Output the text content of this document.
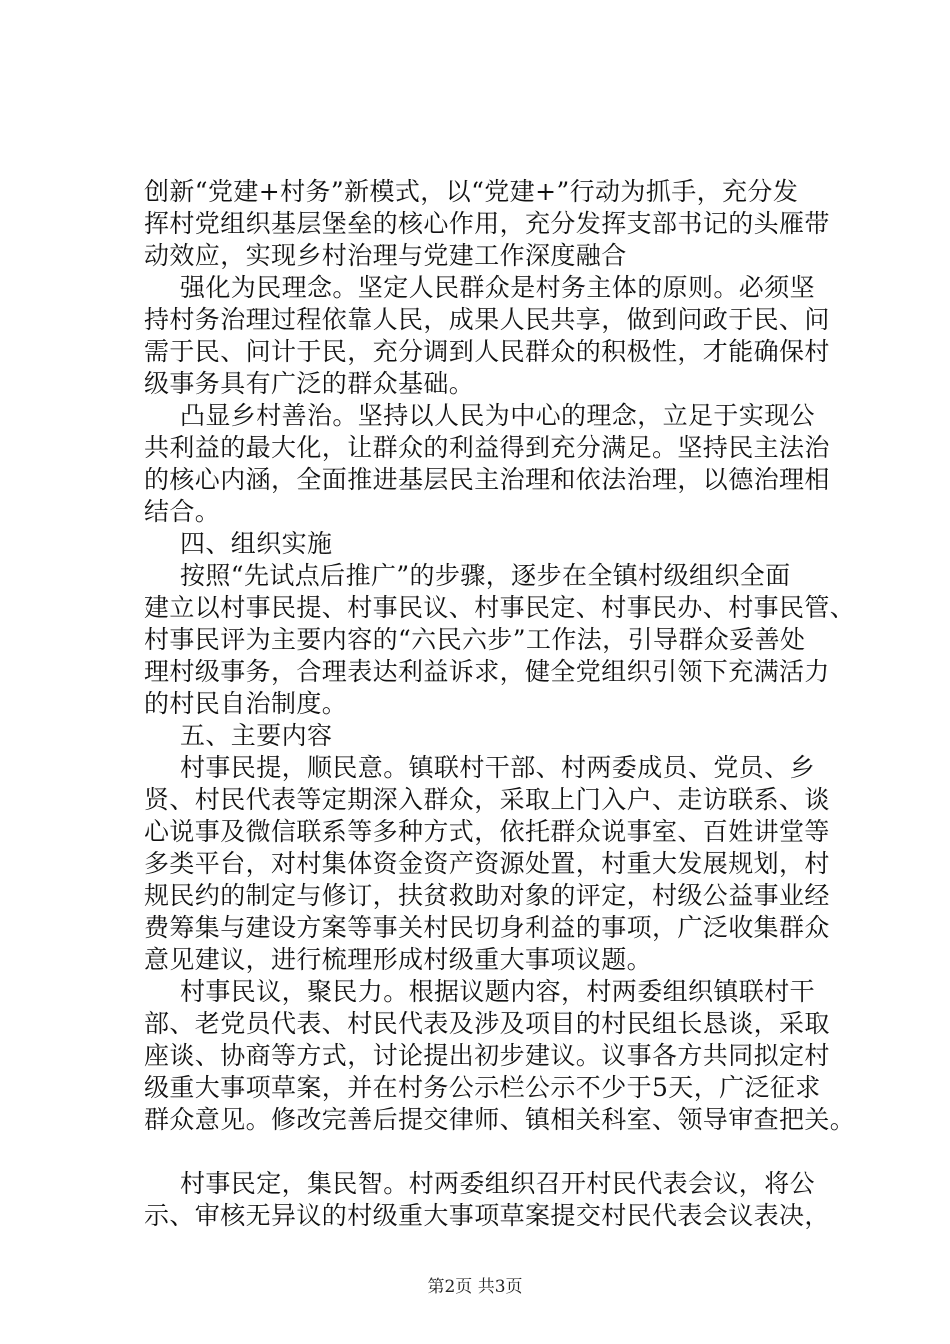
创新“党建+村务”新模式，以“党建+”行动为抓手，充分发
挥村党组织基层堡垒的核心作用，充分发挥支部书记的头雁带
动效应，实现乡村治理与党建工作深度融合
强化为民理念。坚定人民群众是村务主体的原则。必须坚
持村务治理过程依靠人民，成果人民共享，做到问政于民、问
需于民、问计于民，充分调到人民群众的积极性，才能确保村
级事务具有广泛的群众基础。
凸显乡村善治。坚持以人民为中心的理念，立足于实现公
共利益的最大化，让群众的利益得到充分满足。坚持民主法治
的核心内涵，全面推进基层民主治理和依法治理，以德治理相
结合。
四、组织实施
按照“先试点后推广”的步骤，逐步在全镇村级组织全面
建立以村事民提、村事民议、村事民定、村事民办、村事民管、
村事民评为主要内容的“六民六步”工作法，引导群众妥善处
理村级事务，合理表达利益诉求，健全党组织引领下充满活力
的村民自治制度。
五、主要内容
村事民提，顺民意。镇联村干部、村两委成员、党员、乡
贤、村民代表等定期深入群众，采取上门入户、走访联系、谈
心说事及微信联系等多种方式，依托群众说事室、百姓讲堂等
多类平台，对村集体资金资产资源处置，村重大发展规划，村
规民约的制定与修订，扶贫救助对象的评定，村级公益事业经
费筹集与建设方案等事关村民切身利益的事项，广泛收集群众
意见建议，进行梳理形成村级重大事项议题。
村事民议，聚民力。根据议题内容，村两委组织镇联村干
部、老党员代表、村民代表及涉及项目的村民组长恳谈，采取
座谈、协商等方式，讨论提出初步建议。议事各方共同拟定村
级重大事项草案，并在村务公示栏公示不少于5天，广泛征求
群众意见。修改完善后提交律师、镇相关科室、领导审查把关。
村事民定，集民智。村两委组织召开村民代表会议，将公
示、审核无异议的村级重大事项草案提交村民代表会议表决，
第2页 共3页
